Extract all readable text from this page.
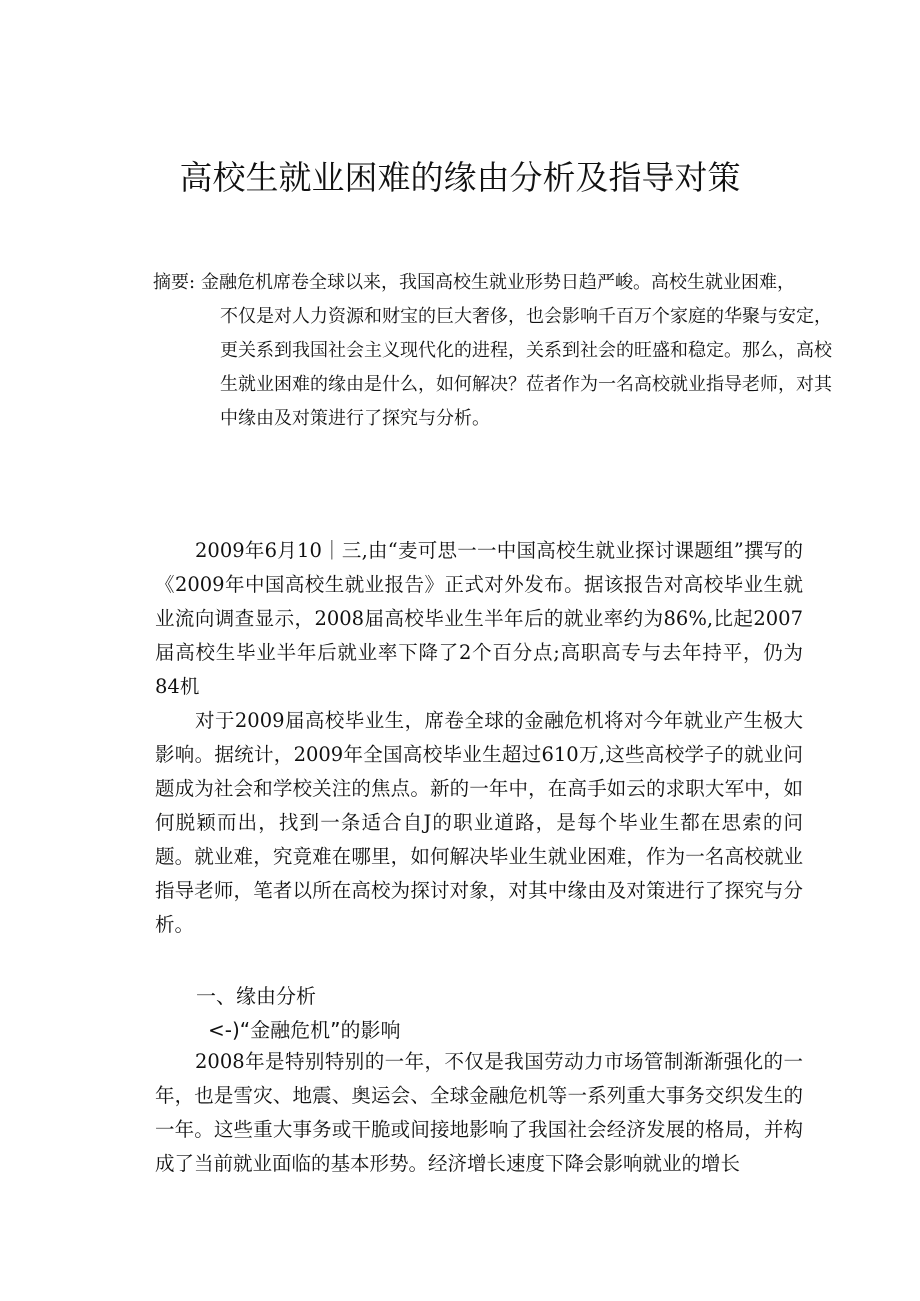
高校生就业困难的缘由分析及指导对策
摘要: 金融危机席卷全球以来，我国高校生就业形势日趋严峻。高校生就业困难，
不仅是对人力资源和财宝的巨大奢侈，也会影响千百万个家庭的华聚与安定，更关系到我国社会主义现代化的进程，关系到社会的旺盛和稳定。那么，高校生就业困难的缘由是什么，如何解决？莅者作为一名高校就业指导老师，对其中缘由及对策进行了探究与分析。

2009年6月10｜三,由“麦可思一一中国高校生就业探讨课题组”撰写的《2009年中国高校生就业报告》正式对外发布。据该报告对高校毕业生就业流向调查显示，2008届高校毕业生半年后的就业率约为86%,比起2007届高校生毕业半年后就业率下降了2个百分点;高职高专与去年持平，仍为84机

对于2009届高校毕业生，席卷全球的金融危机将对今年就业产生极大影响。据统计，2009年全国高校毕业生超过610万,这些高校学子的就业问题成为社会和学校关注的焦点。新的一年中，在高手如云的求职大军中，如何脱颖而出，找到一条适合自J的职业道路，是每个毕业生都在思索的问题。就业难，究竟难在哪里，如何解决毕业生就业困难，作为一名高校就业指导老师，笔者以所在高校为探讨对象，对其中缘由及对策进行了探究与分析。

一、缘由分析
<-)“金融危机”的影响

2008年是特别特别的一年，不仅是我国劳动力市场管制渐渐强化的一年，也是雪灾、地震、奥运会、全球金融危机等一系列重大事务交织发生的一年。这些重大事务或干脆或间接地影响了我国社会经济发展的格局，并构成了当前就业面临的基本形势。经济增长速度下降会影响就业的增长
